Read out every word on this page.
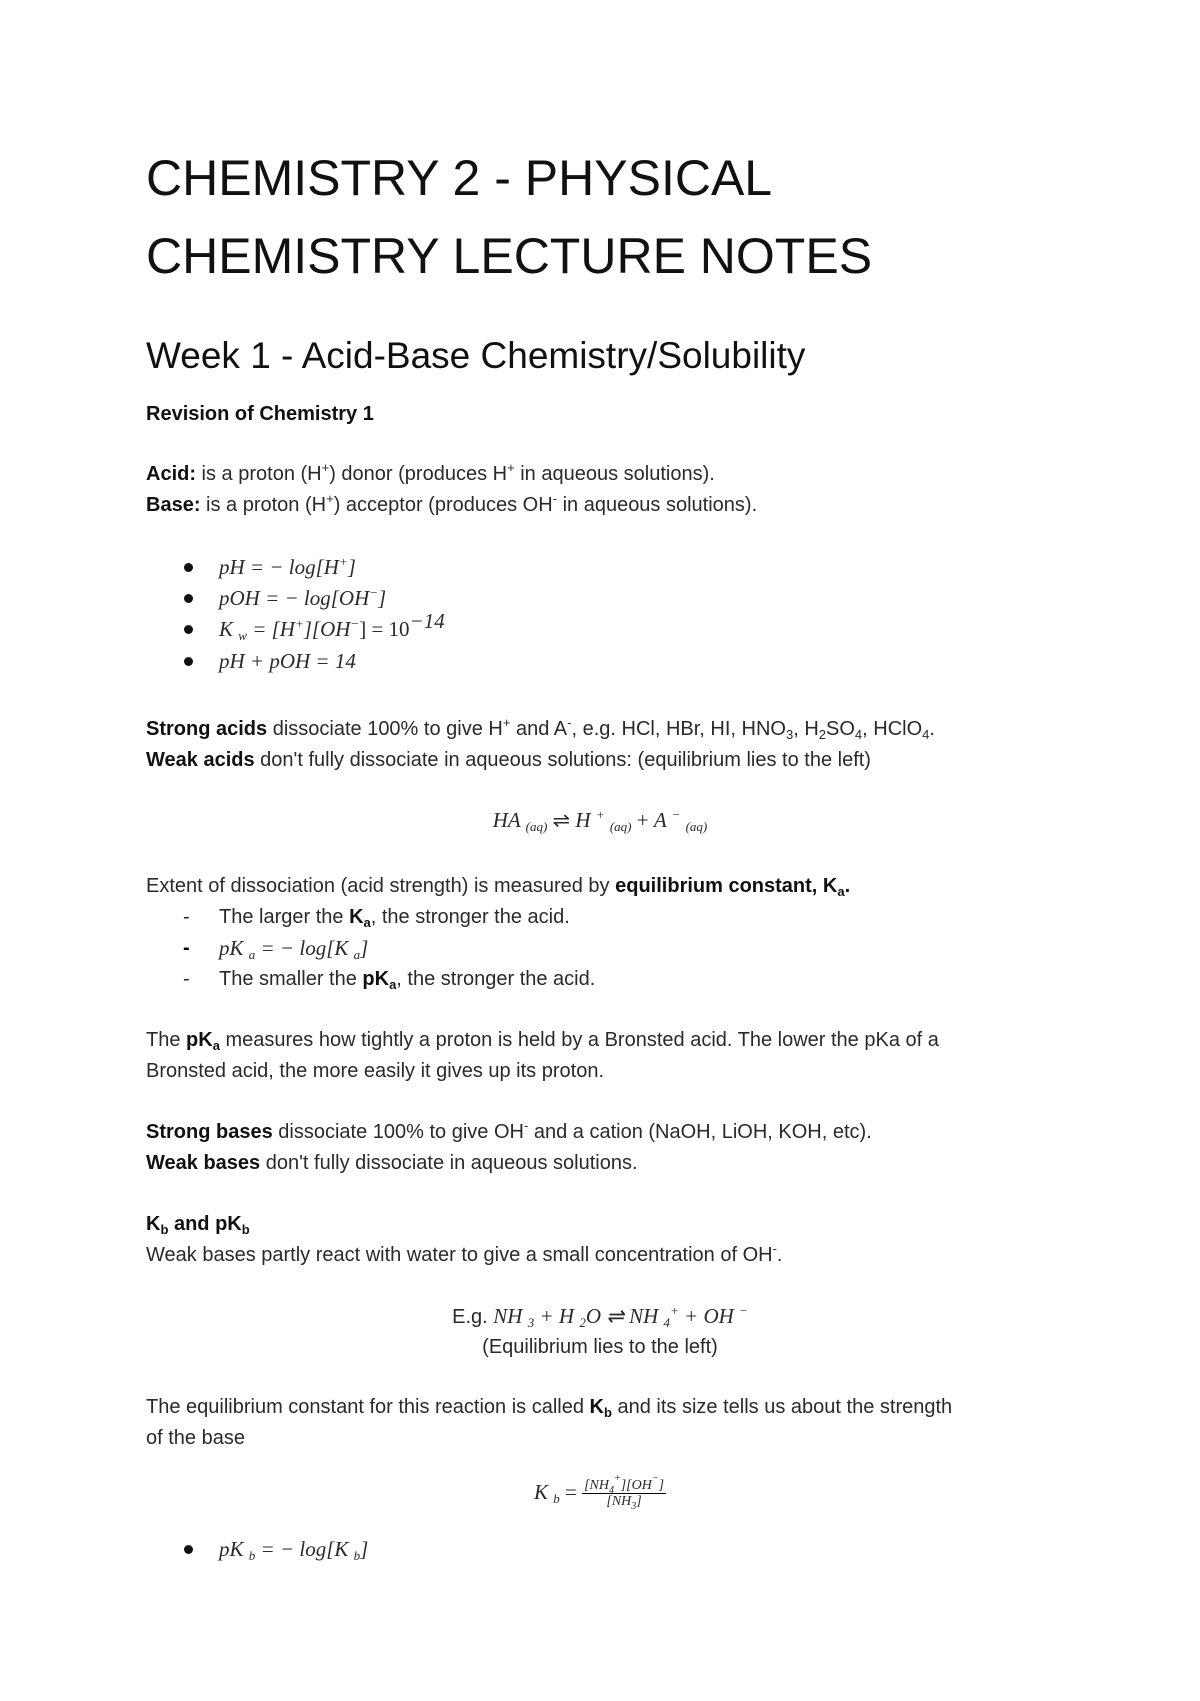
CHEMISTRY 2 - PHYSICAL
CHEMISTRY LECTURE NOTES
Week 1 - Acid-Base Chemistry/Solubility

Revision of Chemistry 1

Acid: is a proton (H+) donor (produces H+ in aqueous solutions).

Base: is a proton (H+) acceptor (produces OH- in aqueous solutions).

pH = − log[H+]

pOH = − log[OH−]

K $_w = [H^+][OH^-] = 10^{-14}$

pH + pOH = 14

Strong acids dissociate 100% to give H+ and A-, e.g. HCl, HBr, HI, $HNO_3$, $H_2SO_4$, HClO$_4$.

Weak acids don't fully dissociate in aqueous solutions: (equilibrium lies to the left)

HA $_{(aq)}$ ⇌ H + $_{(aq)}$ + A − $_{(aq)}$

Extent of dissociation (acid strength) is measured by equilibrium constant, $K_a$.

- The larger the $K_a$, the stronger the acid.

- pK $_a$ = − log[K $_a$]

- The smaller the $pK_a$, the stronger the acid.

The $pK_a$ measures how tightly a proton is held by a Bronsted acid. The lower the pKa of a

Bronsted acid, the more easily it gives up its proton.

Strong bases dissociate 100% to give OH- and a cation (NaOH, LiOH, KOH, etc).

Weak bases don't fully dissociate in aqueous solutions.

$K_b$ and $pK_b$

Weak bases partly react with water to give a small concentration of OH-.

E.g. NH $_3$ + H $_2$O ⇌ NH $_4$+ + OH −

(Equilibrium lies to the left)

The equilibrium constant for this reaction is called $K_b$ and its size tells us about the strength

of the base

K $_b = \frac{[NH_4^+][OH^-]}{[NH_3]}$

pK $_b$ = − log[K $_b$]
